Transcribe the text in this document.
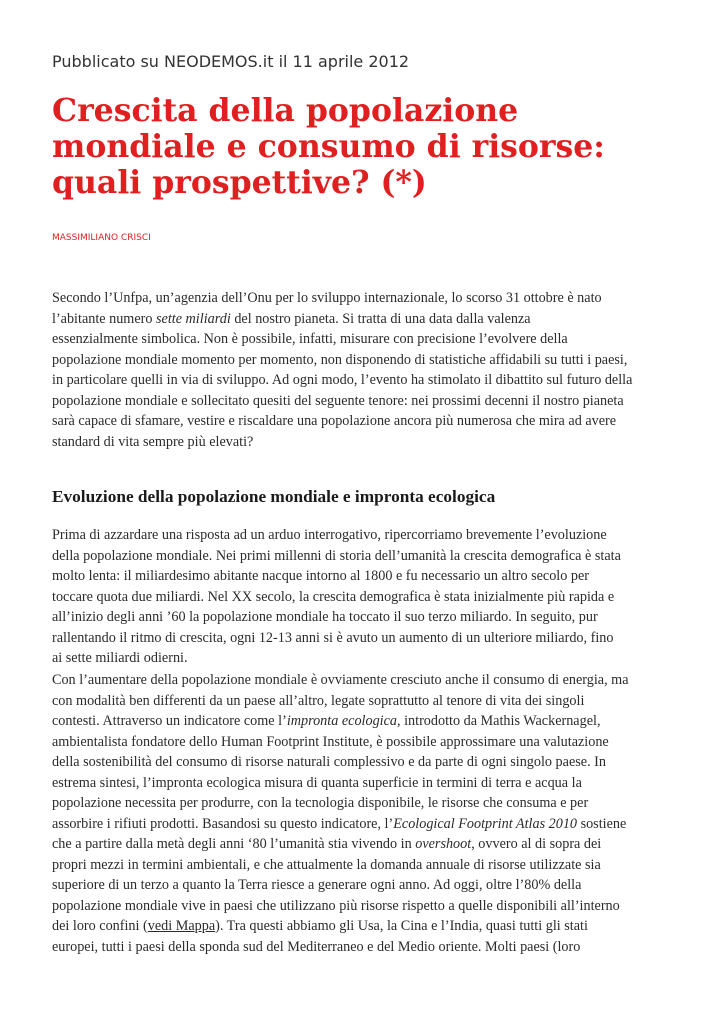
Pubblicato su NEODEMOS.it il 11 aprile 2012
Crescita della popolazione
mondiale e consumo di risorse:
quali prospettive? (*)
MASSIMILIANO CRISCI

Secondo l’Unfpa, un’agenzia dell’Onu per lo sviluppo internazionale, lo scorso 31 ottobre è nato
l’abitante numero sette miliardi del nostro pianeta. Si tratta di una data dalla valenza
essenzialmente simbolica. Non è possibile, infatti, misurare con precisione l’evolvere della
popolazione mondiale momento per momento, non disponendo di statistiche affidabili su tutti i paesi,
in particolare quelli in via di sviluppo. Ad ogni modo, l’evento ha stimolato il dibattito sul futuro della
popolazione mondiale e sollecitato quesiti del seguente tenore: nei prossimi decenni il nostro pianeta
sarà capace di sfamare, vestire e riscaldare una popolazione ancora più numerosa che mira ad avere
standard di vita sempre più elevati?

Evoluzione della popolazione mondiale e impronta ecologica

Prima di azzardare una risposta ad un arduo interrogativo, ripercorriamo brevemente l’evoluzione
della popolazione mondiale. Nei primi millenni di storia dell’umanità la crescita demografica è stata
molto lenta: il miliardesimo abitante nacque intorno al 1800 e fu necessario un altro secolo per
toccare quota due miliardi. Nel XX secolo, la crescita demografica è stata inizialmente più rapida e
all’inizio degli anni ’60 la popolazione mondiale ha toccato il suo terzo miliardo. In seguito, pur
rallentando il ritmo di crescita, ogni 12-13 anni si è avuto un aumento di un ulteriore miliardo, fino
ai sette miliardi odierni.

Con l’aumentare della popolazione mondiale è ovviamente cresciuto anche il consumo di energia, ma
con modalità ben differenti da un paese all’altro, legate soprattutto al tenore di vita dei singoli
contesti. Attraverso un indicatore come l’impronta ecologica, introdotto da Mathis Wackernagel,
ambientalista fondatore dello Human Footprint Institute, è possibile approssimare una valutazione
della sostenibilità del consumo di risorse naturali complessivo e da parte di ogni singolo paese. In
estrema sintesi, l’impronta ecologica misura di quanta superficie in termini di terra e acqua la
popolazione necessita per produrre, con la tecnologia disponibile, le risorse che consuma e per
assorbire i rifiuti prodotti. Basandosi su questo indicatore, l’Ecological Footprint Atlas 2010 sostiene
che a partire dalla metà degli anni ‘80 l’umanità stia vivendo in overshoot, ovvero al di sopra dei
propri mezzi in termini ambientali, e che attualmente la domanda annuale di risorse utilizzate sia
superiore di un terzo a quanto la Terra riesce a generare ogni anno. Ad oggi, oltre l’80% della
popolazione mondiale vive in paesi che utilizzano più risorse rispetto a quelle disponibili all’interno
dei loro confini (vedi Mappa). Tra questi abbiamo gli Usa, la Cina e l’India, quasi tutti gli stati
europei, tutti i paesi della sponda sud del Mediterraneo e del Medio oriente. Molti paesi (loro
